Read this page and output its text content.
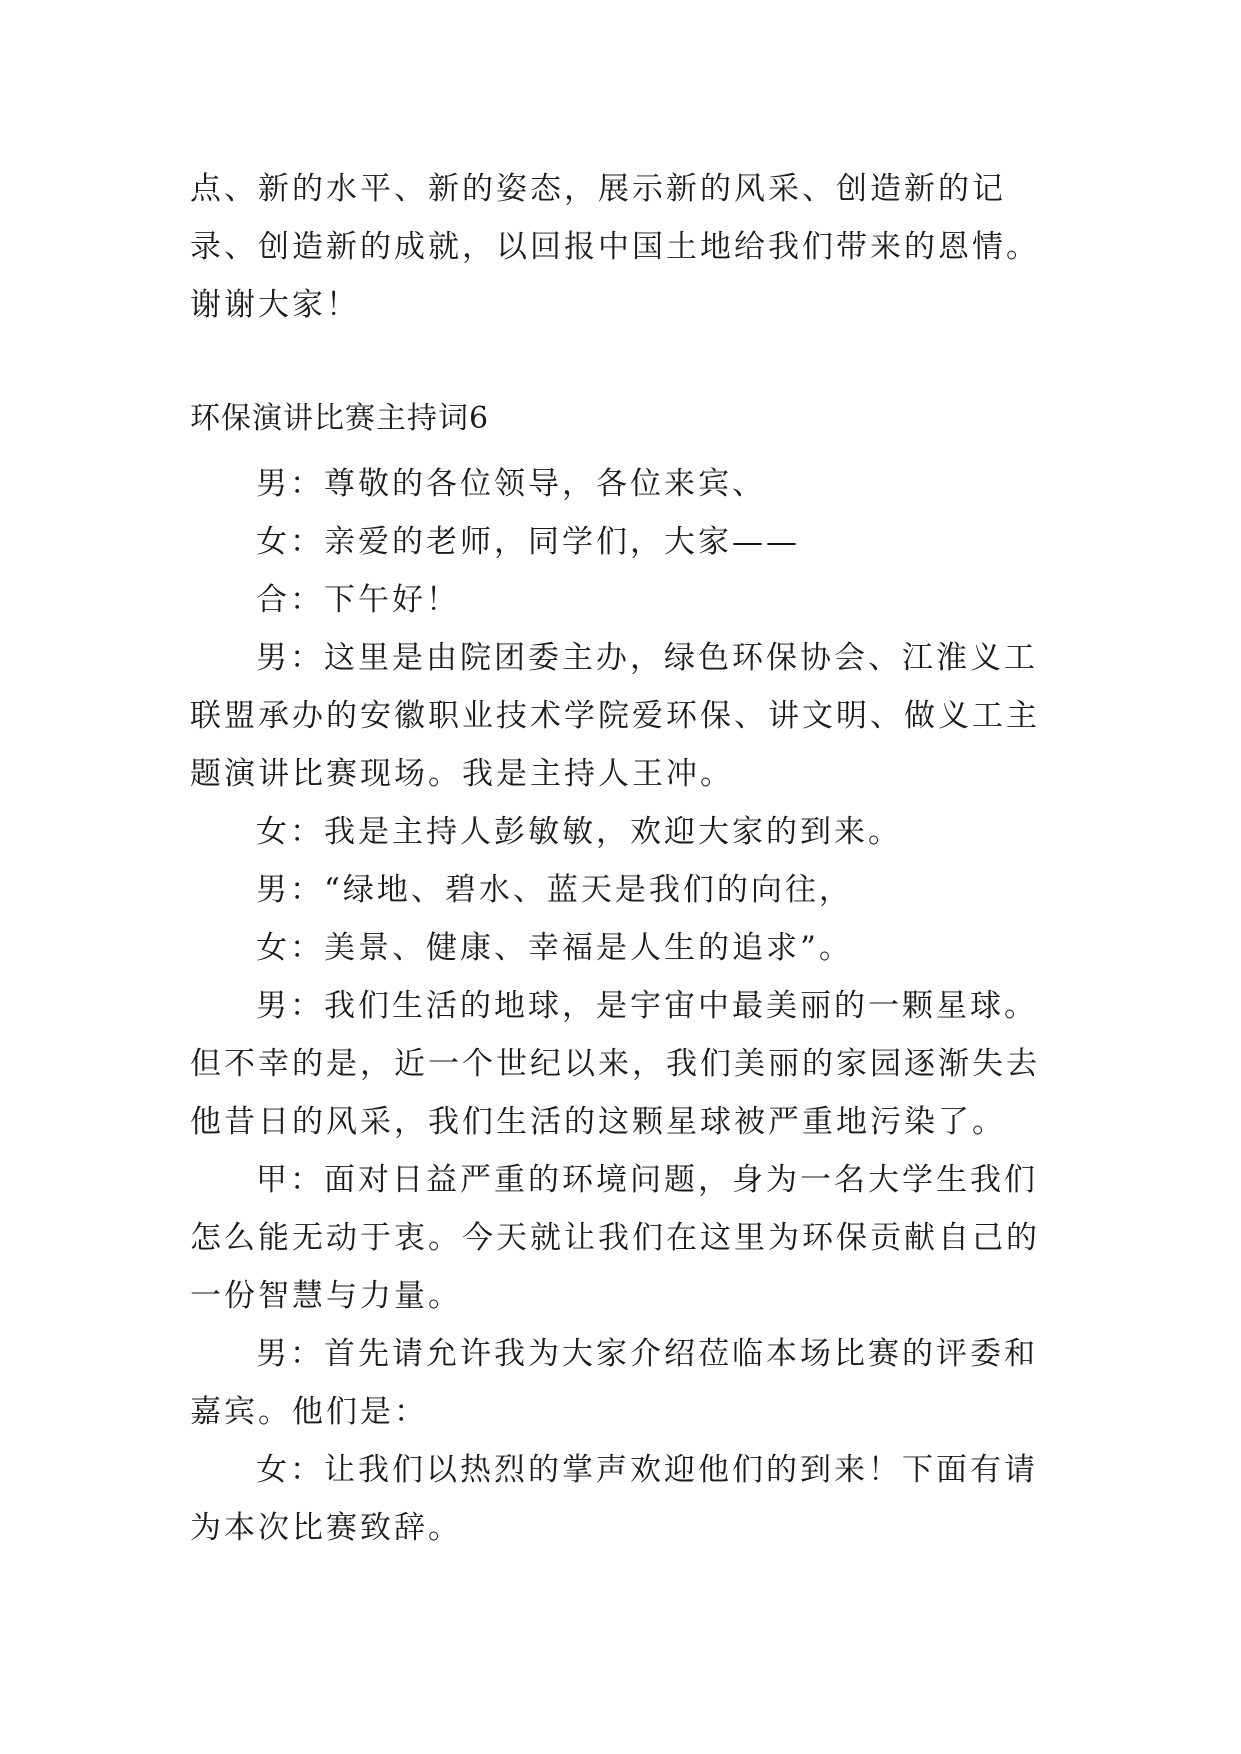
点、新的水平、新的姿态，展示新的风采、创造新的记录、创造新的成就，以回报中国土地给我们带来的恩情。谢谢大家！

环保演讲比赛主持词6

男：尊敬的各位领导，各位来宾、

女：亲爱的老师，同学们，大家——

合：下午好！

男：这里是由院团委主办，绿色环保协会、江淮义工联盟承办的安徽职业技术学院爱环保、讲文明、做义工主题演讲比赛现场。我是主持人王冲。

女：我是主持人彭敏敏，欢迎大家的到来。

男：“绿地、碧水、蓝天是我们的向往，

女：美景、健康、幸福是人生的追求”。

男：我们生活的地球，是宇宙中最美丽的一颗星球。但不幸的是，近一个世纪以来，我们美丽的家园逐渐失去他昔日的风采，我们生活的这颗星球被严重地污染了。

甲：面对日益严重的环境问题，身为一名大学生我们怎么能无动于衷。今天就让我们在这里为环保贡献自己的一份智慧与力量。

男：首先请允许我为大家介绍莅临本场比赛的评委和嘉宾。他们是：

女：让我们以热烈的掌声欢迎他们的到来！下面有请为本次比赛致辞。
